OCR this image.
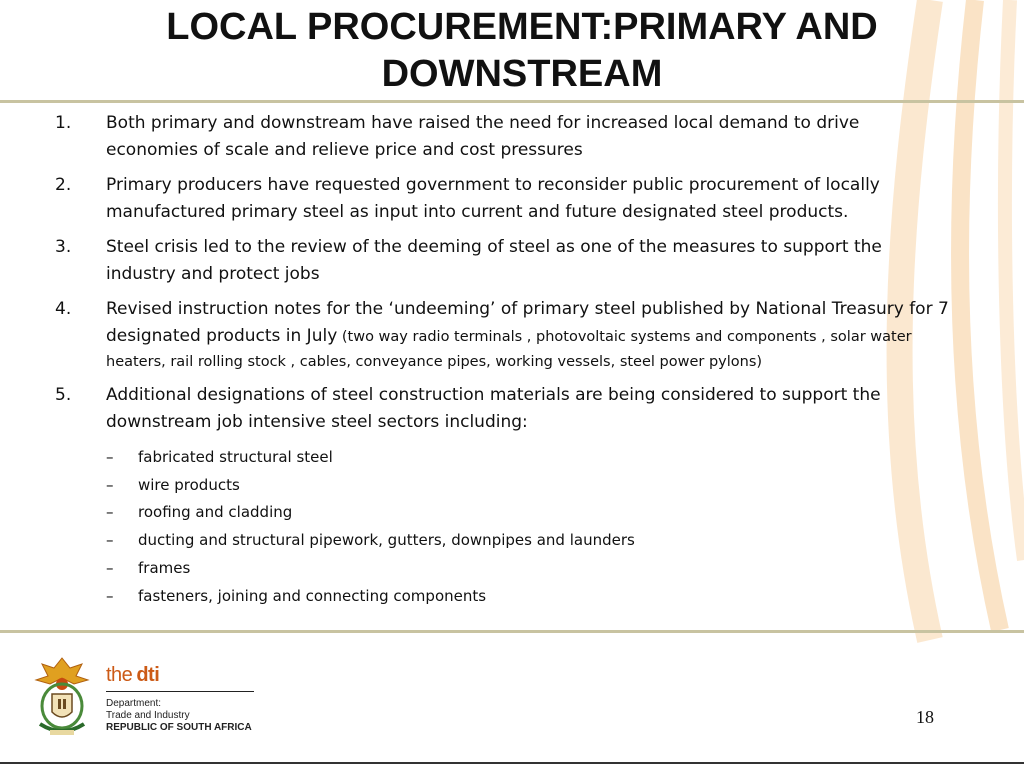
LOCAL PROCUREMENT:PRIMARY AND DOWNSTREAM
1. Both primary and downstream have raised the need for increased local demand to drive economies of scale and relieve price and cost pressures
2. Primary producers have requested government to reconsider public procurement of locally manufactured primary steel as input into current and future designated steel products.
3. Steel crisis led to the review of the deeming of steel as one of the measures to support the industry and protect jobs
4. Revised instruction notes for the ‘undeeming’ of primary steel published by National Treasury for 7 designated products in July (two way radio terminals , photovoltaic systems and components , solar water heaters, rail rolling stock , cables, conveyance pipes, working vessels, steel power pylons)
5. Additional designations of steel construction materials are being considered to support the downstream job intensive steel sectors including:
– fabricated structural steel
– wire products
– roofing and cladding
– ducting and structural pipework, gutters, downpipes and launders
– frames
– fasteners, joining and connecting components
the dti
Department:
Trade and Industry
REPUBLIC OF SOUTH AFRICA
18
